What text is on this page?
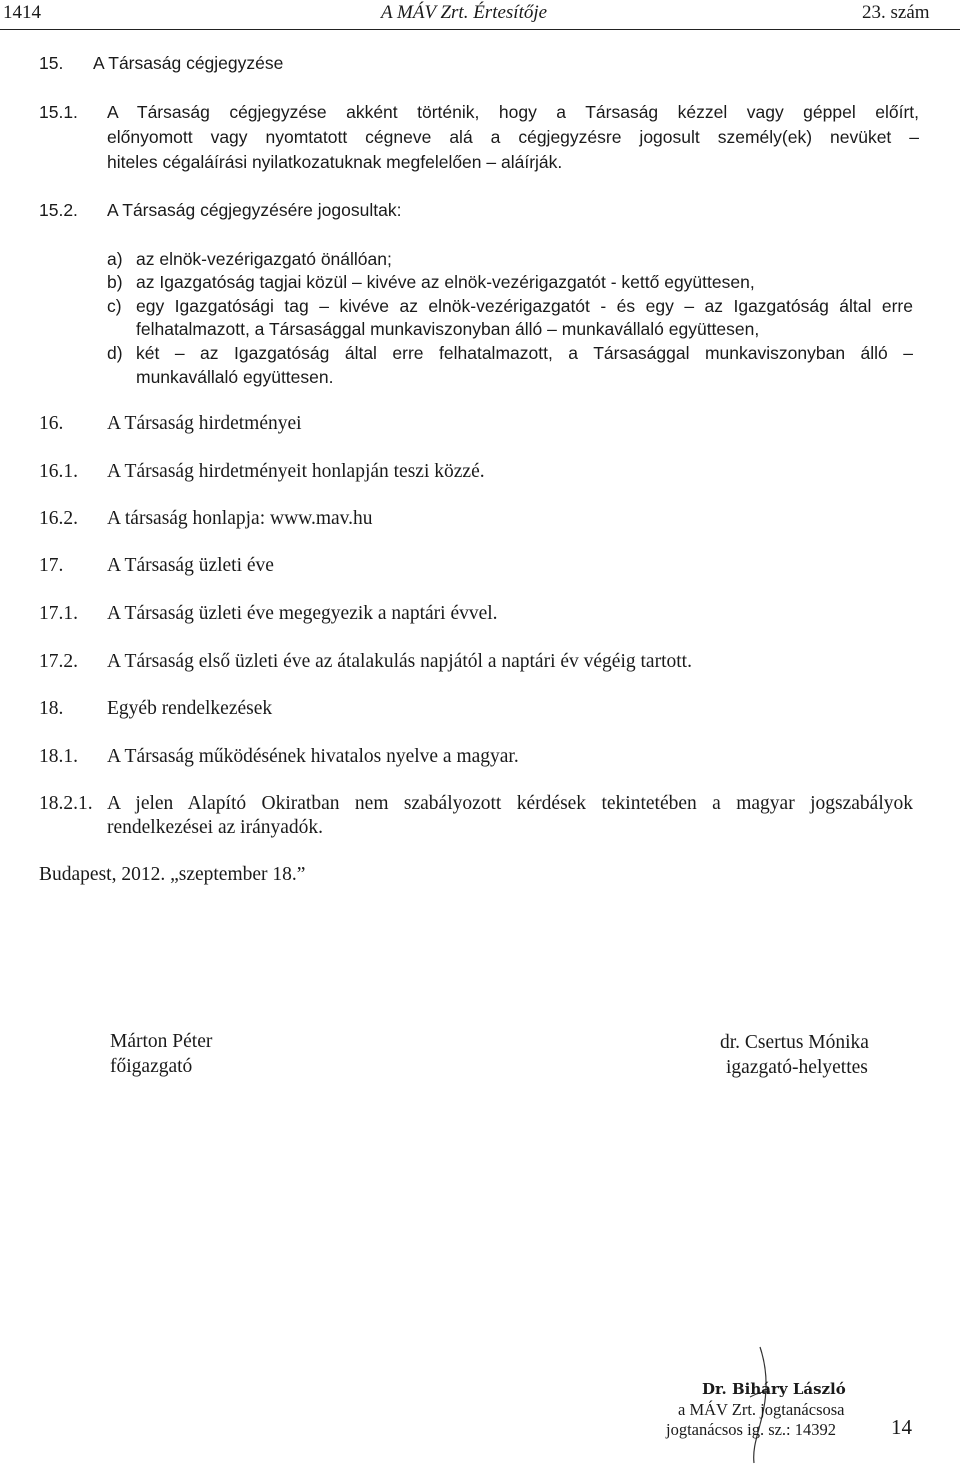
1414	A MÁV Zrt. Értesítője	23. szám
15. A Társaság cégjegyzése
15.1. A Társaság cégjegyzése akként történik, hogy a Társaság kézzel vagy géppel előírt,
előnyomott vagy nyomtatott cégneve alá a cégjegyzésre jogosult személy(ek) nevüket –
hiteles cégaláírási nyilatkozatuknak megfelelően – aláírják.
15.2. A Társaság cégjegyzésére jogosultak:
a) az elnök-vezérigazgató önállóan;
b) az Igazgatóság tagjai közül – kivéve az elnök-vezérigazgatót - kettő együttesen,
c) egy Igazgatósági tag – kivéve az elnök-vezérigazgatót - és egy – az Igazgatóság által erre
felhatalmazott, a Társasággal munkaviszonyban álló – munkavállaló együttesen,
d) két – az Igazgatóság által erre felhatalmazott, a Társasággal munkaviszonyban álló –
munkavállaló együttesen.
16. A Társaság hirdetményei
16.1. A Társaság hirdetményeit honlapján teszi közzé.
16.2. A társaság honlapja: www.mav.hu
17. A Társaság üzleti éve
17.1. A Társaság üzleti éve megegyezik a naptári évvel.
17.2. A Társaság első üzleti éve az átalakulás napjától a naptári év végéig tartott.
18. Egyéb rendelkezések
18.1. A Társaság működésének hivatalos nyelve a magyar.
18.2.1. A jelen Alapító Okiratban nem szabályozott kérdések tekintetében a magyar jogszabályok
rendelkezései az irányadók.
Budapest, 2012. „szeptember 18.”
Márton Péter
főigazgató
dr. Csertus Mónika
igazgató-helyettes
Dr. Biháry László
a MÁV Zrt. jogtanácsosa
jogtanácsos ig. sz.: 14392	14
